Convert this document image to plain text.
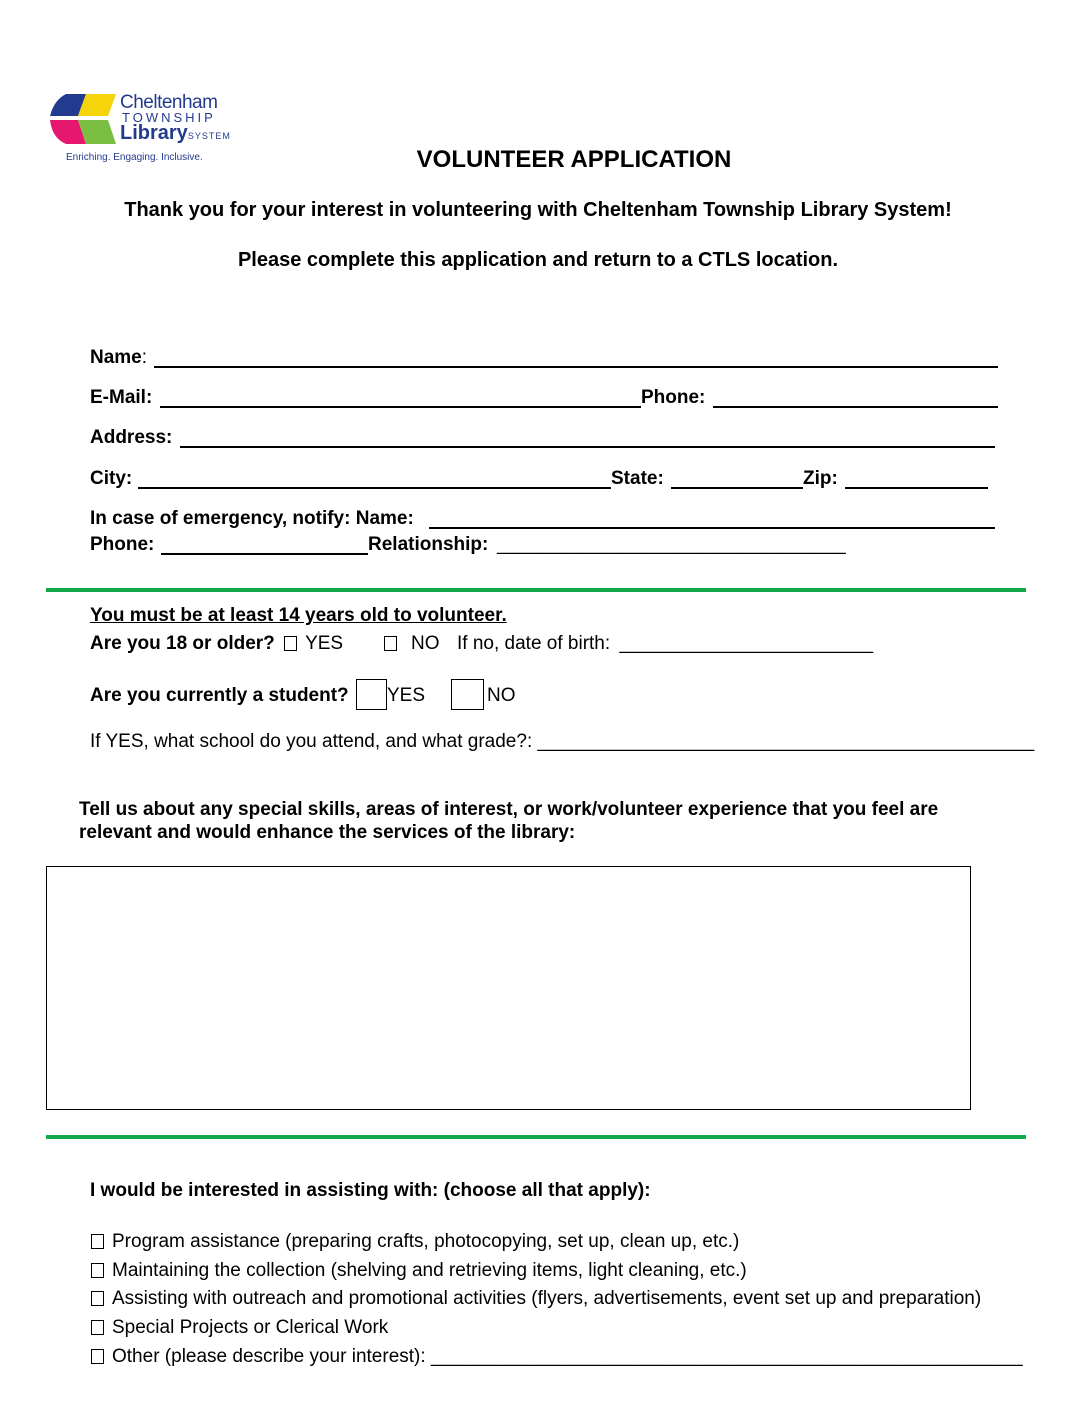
Cheltenham
TOWNSHIP
LibrarySYSTEM
Enriching. Engaging. Inclusive.	VOLUNTEER APPLICATION
Thank you for your interest in volunteering with Cheltenham Township Library System!
Please complete this application and return to a CTLS location.
Name:
E-Mail:	Phone:
Address:
City:	State:	Zip:
In case of emergency, notify: Name:
Phone:	Relationship: _________________________________
You must be at least 14 years old to volunteer.
Are you 18 or older? YES	NO If no, date of birth: ________________________
Are you currently a student? YES	NO
If YES, what school do you attend, and what grade?: _______________________________________________
Tell us about any special skills, areas of interest, or work/volunteer experience that you feel are
relevant and would enhance the services of the library:
I would be interested in assisting with: (choose all that apply):
Program assistance (preparing crafts, photocopying, set up, clean up, etc.)
Maintaining the collection (shelving and retrieving items, light cleaning, etc.)
Assisting with outreach and promotional activities (flyers, advertisements, event set up and preparation)
Special Projects or Clerical Work
Other (please describe your interest): ________________________________________________________
